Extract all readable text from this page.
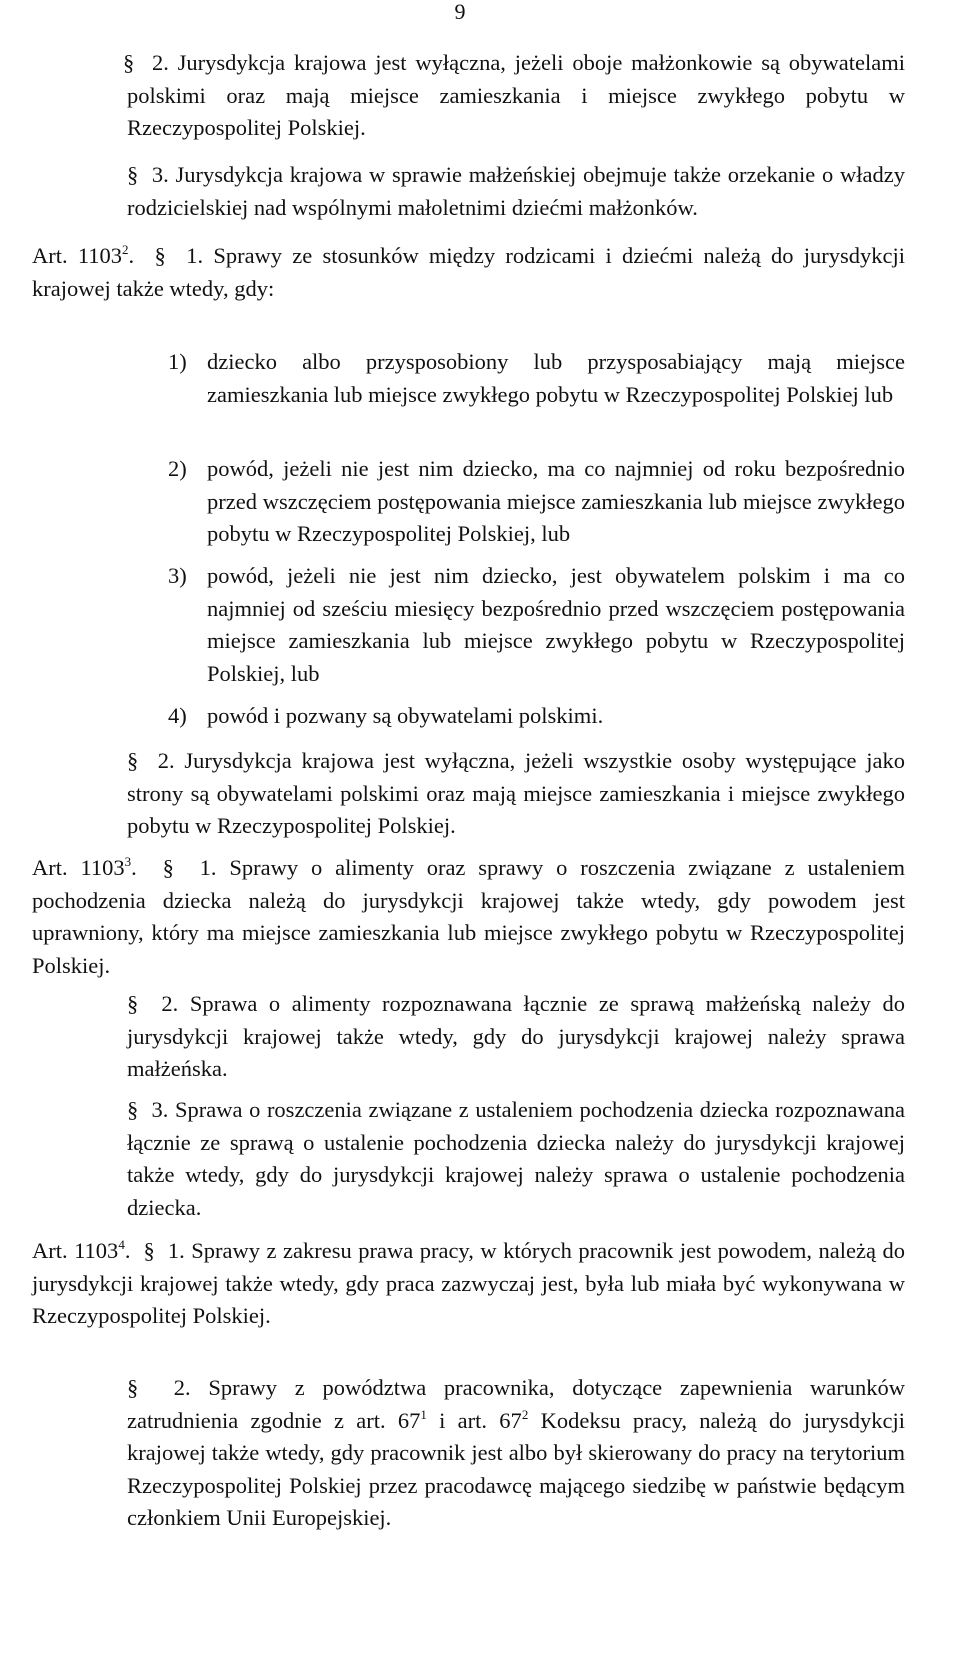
9
§ 2. Jurysdykcja krajowa jest wyłączna, jeżeli oboje małżonkowie są obywatelami polskimi oraz mają miejsce zamieszkania i miejsce zwykłego pobytu w Rzeczypospolitej Polskiej.
§ 3. Jurysdykcja krajowa w sprawie małżeńskiej obejmuje także orzekanie o władzy rodzicielskiej nad wspólnymi małoletnimi dziećmi małżonków.
Art. 1103$^2$. § 1. Sprawy ze stosunków między rodzicami i dziećmi należą do jurysdykcji krajowej także wtedy, gdy:
1) dziecko albo przysposobiony lub przysposabiający mają miejsce zamieszkania lub miejsce zwykłego pobytu w Rzeczypospolitej Polskiej lub
2) powód, jeżeli nie jest nim dziecko, ma co najmniej od roku bezpośrednio przed wszczęciem postępowania miejsce zamieszkania lub miejsce zwykłego pobytu w Rzeczypospolitej Polskiej, lub
3) powód, jeżeli nie jest nim dziecko, jest obywatelem polskim i ma co najmniej od sześciu miesięcy bezpośrednio przed wszczęciem postępowania miejsce zamieszkania lub miejsce zwykłego pobytu w Rzeczypospolitej Polskiej, lub
4) powód i pozwany są obywatelami polskimi.
§ 2. Jurysdykcja krajowa jest wyłączna, jeżeli wszystkie osoby występujące jako strony są obywatelami polskimi oraz mają miejsce zamieszkania i miejsce zwykłego pobytu w Rzeczypospolitej Polskiej.
Art. 1103$^3$. § 1. Sprawy o alimenty oraz sprawy o roszczenia związane z ustaleniem pochodzenia dziecka należą do jurysdykcji krajowej także wtedy, gdy powodem jest uprawniony, który ma miejsce zamieszkania lub miejsce zwykłego pobytu w Rzeczypospolitej Polskiej.
§ 2. Sprawa o alimenty rozpoznawana łącznie ze sprawą małżeńską należy do jurysdykcji krajowej także wtedy, gdy do jurysdykcji krajowej należy sprawa małżeńska.
§ 3. Sprawa o roszczenia związane z ustaleniem pochodzenia dziecka rozpoznawana łącznie ze sprawą o ustalenie pochodzenia dziecka należy do jurysdykcji krajowej także wtedy, gdy do jurysdykcji krajowej należy sprawa o ustalenie pochodzenia dziecka.
Art. 1103$^4$. § 1. Sprawy z zakresu prawa pracy, w których pracownik jest powodem, należą do jurysdykcji krajowej także wtedy, gdy praca zazwyczaj jest, była lub miała być wykonywana w Rzeczypospolitej Polskiej.
§ 2. Sprawy z powództwa pracownika, dotyczące zapewnienia warunków zatrudnienia zgodnie z art. $67^1$ i art. $67^2$ Kodeksu pracy, należą do jurysdykcji krajowej także wtedy, gdy pracownik jest albo był skierowany do pracy na terytorium Rzeczypospolitej Polskiej przez pracodawcę mającego siedzibę w państwie będącym członkiem Unii Europejskiej.
